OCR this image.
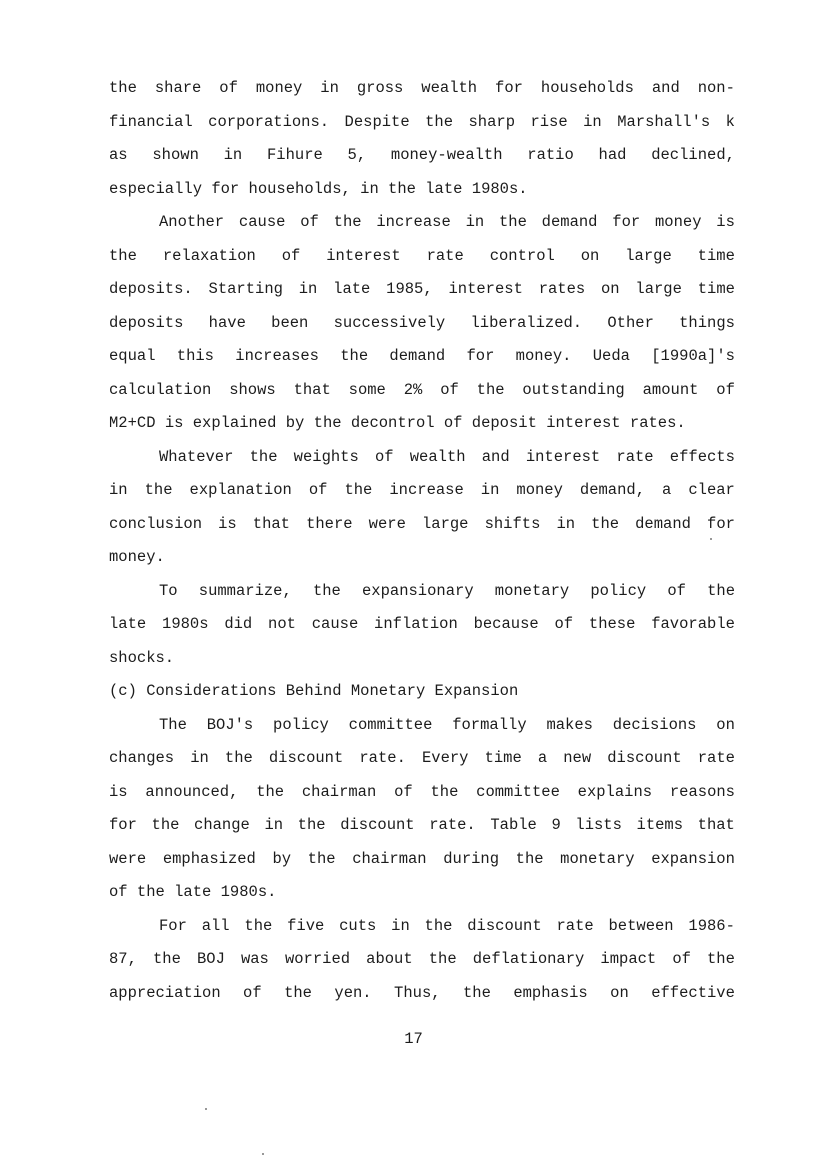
the share of money in gross wealth for households and non-
financial corporations. Despite the sharp rise in Marshall's k
as shown in Fihure 5, money-wealth ratio had declined,
especially for households, in the late 1980s.
Another cause of the increase in the demand for money is
the relaxation of interest rate control on large time
deposits. Starting in late 1985, interest rates on large time
deposits have been successively liberalized. Other things
equal this increases the demand for money. Ueda [1990a]'s
calculation shows that some 2% of the outstanding amount of
M2+CD is explained by the decontrol of deposit interest rates.
Whatever the weights of wealth and interest rate effects
in the explanation of the increase in money demand, a clear
conclusion is that there were large shifts in the demand for
money.
To summarize, the expansionary monetary policy of the
late 1980s did not cause inflation because of these favorable
shocks.
(c) Considerations Behind Monetary Expansion
The BOJ's policy committee formally makes decisions on
changes in the discount rate. Every time a new discount rate
is announced, the chairman of the committee explains reasons
for the change in the discount rate. Table 9 lists items that
were emphasized by the chairman during the monetary expansion
of the late 1980s.
For all the five cuts in the discount rate between 1986-
87, the BOJ was worried about the deflationary impact of the
appreciation of the yen. Thus, the emphasis on effective
17
